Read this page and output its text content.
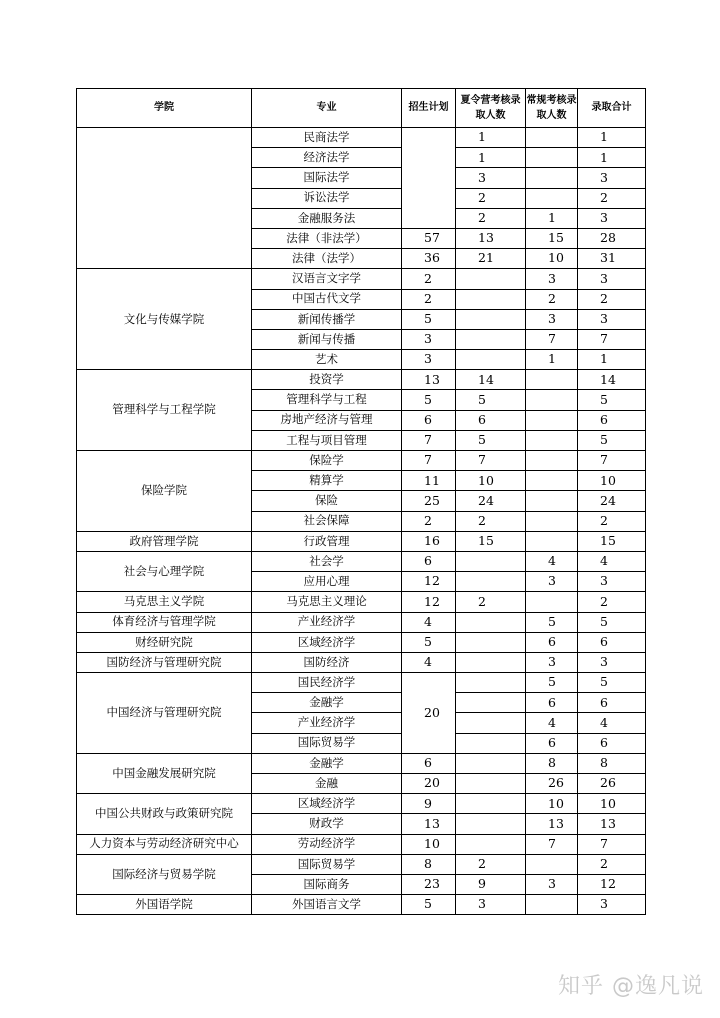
学院	专业	招生计划	夏令营考核录取人数	常规考核录取人数	录取合计
	民商法学		1		1
	经济法学		1		1
	国际法学		3		3
	诉讼法学		2		2
	金融服务法		2	1	3
	法律（非法学）	57	13	15	28
	法律（法学）	36	21	10	31
文化与传媒学院	汉语言文字学	2		3	3
	中国古代文学	2		2	2
	新闻传播学	5		3	3
	新闻与传播	3		7	7
	艺术	3		1	1
管理科学与工程学院	投资学	13	14		14
	管理科学与工程	5	5		5
	房地产经济与管理	6	6		6
	工程与项目管理	7	5		5
保险学院	保险学	7	7		7
	精算学	11	10		10
	保险	25	24		24
	社会保障	2	2		2
政府管理学院	行政管理	16	15		15
社会与心理学院	社会学	6		4	4
	应用心理	12		3	3
马克思主义学院	马克思主义理论	12	2		2
体育经济与管理学院	产业经济学	4		5	5
财经研究院	区域经济学	5		6	6
国防经济与管理研究院	国防经济	4		3	3
中国经济与管理研究院	国民经济学	20		5	5
	金融学			6	6
	产业经济学			4	4
	国际贸易学			6	6
中国金融发展研究院	金融学	6		8	8
	金融	20		26	26
中国公共财政与政策研究院	区域经济学	9		10	10
	财政学	13		13	13
人力资本与劳动经济研究中心	劳动经济学	10		7	7
国际经济与贸易学院	国际贸易学	8	2		2
	国际商务	23	9	3	12
外国语学院	外国语言文学	5	3		3
知乎 @逸凡说
